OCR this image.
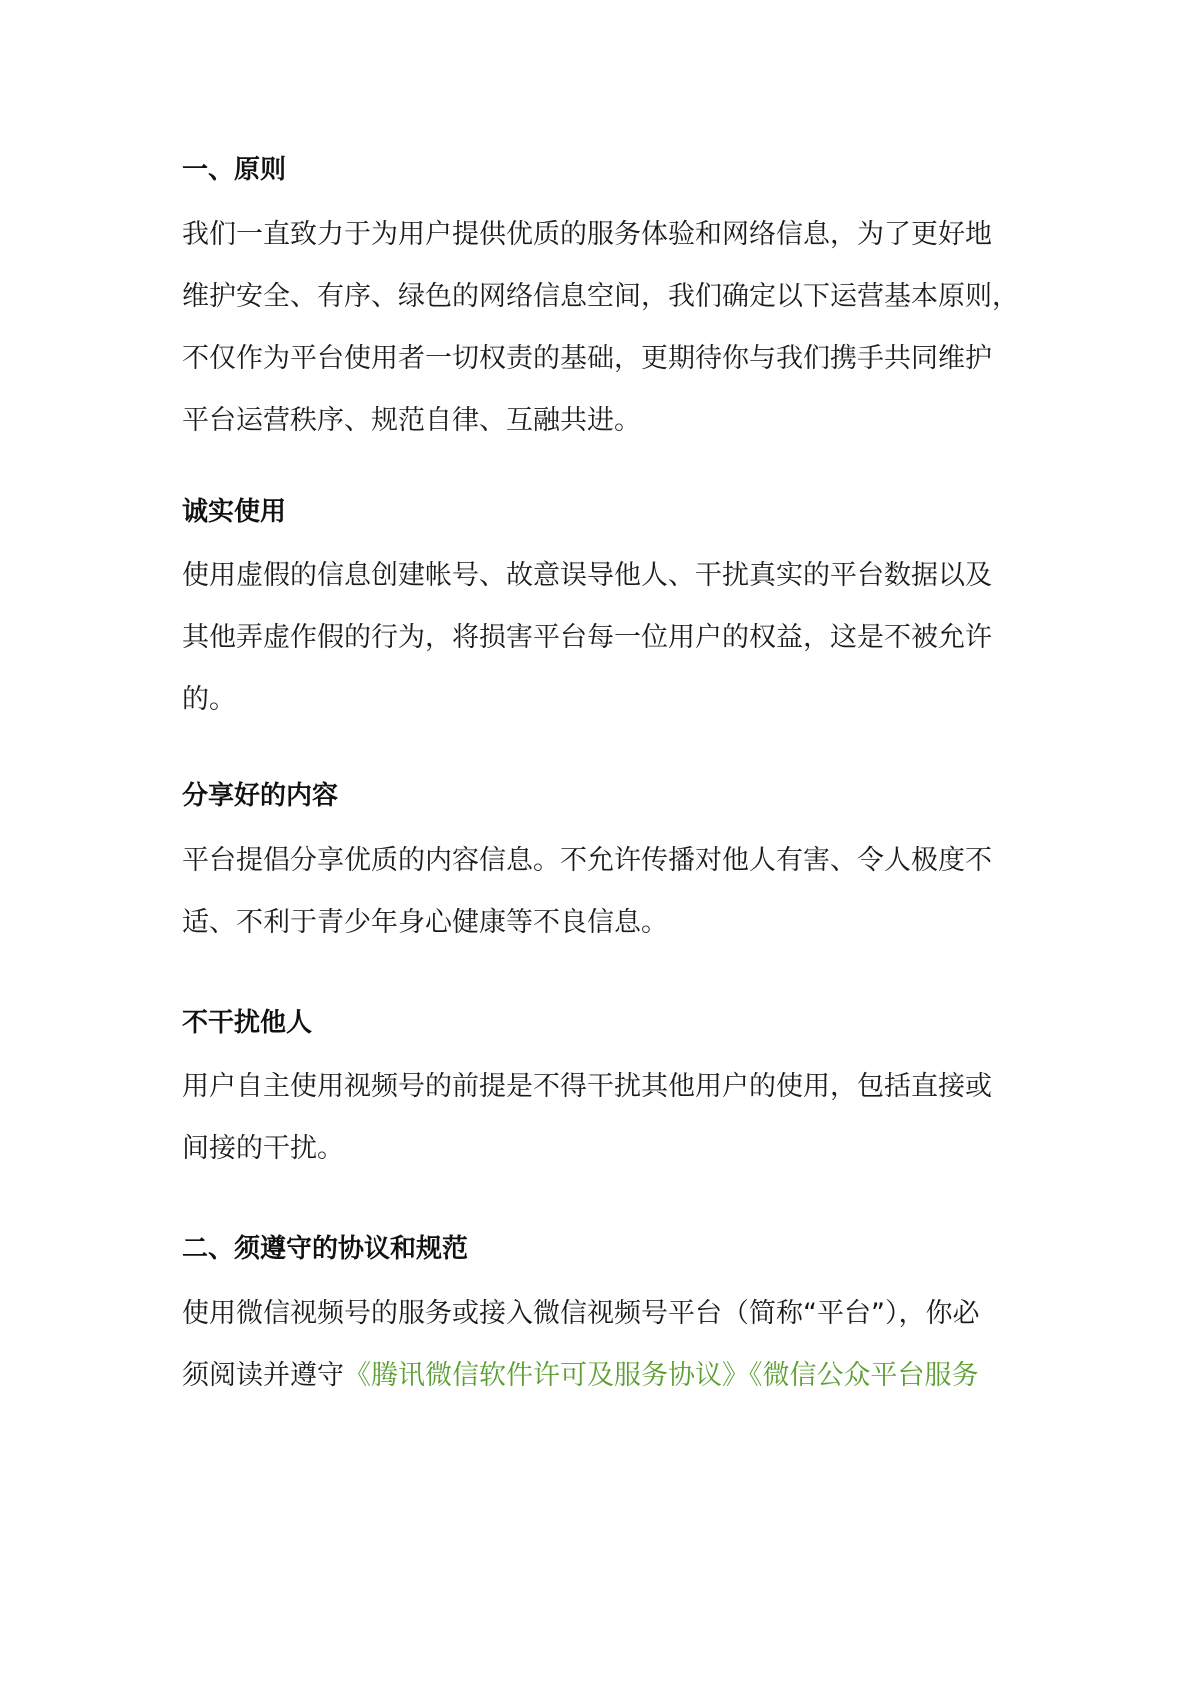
一、原则
我们一直致力于为用户提供优质的服务体验和网络信息，为了更好地
维护安全、有序、绿色的网络信息空间，我们确定以下运营基本原则，
不仅作为平台使用者一切权责的基础，更期待你与我们携手共同维护
平台运营秩序、规范自律、互融共进。
诚实使用
使用虚假的信息创建帐号、故意误导他人、干扰真实的平台数据以及
其他弄虚作假的行为，将损害平台每一位用户的权益，这是不被允许
的。
分享好的内容
平台提倡分享优质的内容信息。不允许传播对他人有害、令人极度不
适、不利于青少年身心健康等不良信息。
不干扰他人
用户自主使用视频号的前提是不得干扰其他用户的使用，包括直接或
间接的干扰。
二、须遵守的协议和规范
使用微信视频号的服务或接入微信视频号平台（简称“平台”），你必
须阅读并遵守《腾讯微信软件许可及服务协议》《微信公众平台服务
